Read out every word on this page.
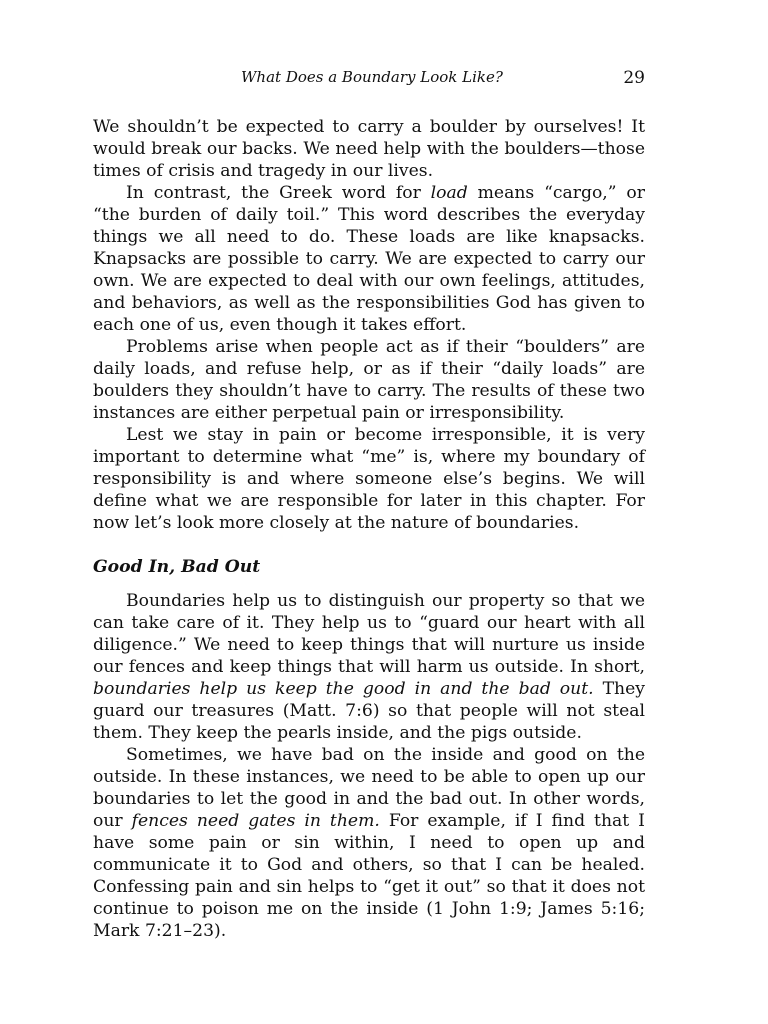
What Does a Boundary Look Like?	29

We shouldn’t be expected to carry a boulder by ourselves! It would break our backs. We need help with the boulders—those times of crisis and tragedy in our lives.

In contrast, the Greek word for load means “cargo,” or “the burden of daily toil.” This word describes the everyday things we all need to do. These loads are like knapsacks. Knapsacks are possible to carry. We are expected to carry our own. We are expected to deal with our own feelings, attitudes, and behaviors, as well as the responsibilities God has given to each one of us, even though it takes effort.

Problems arise when people act as if their “boulders” are daily loads, and refuse help, or as if their “daily loads” are boulders they shouldn’t have to carry. The results of these two instances are either perpetual pain or irresponsibility.

Lest we stay in pain or become irresponsible, it is very important to determine what “me” is, where my boundary of responsibility is and where someone else’s begins. We will define what we are responsible for later in this chapter. For now let’s look more closely at the nature of boundaries.

Good In, Bad Out

Boundaries help us to distinguish our property so that we can take care of it. They help us to “guard our heart with all diligence.” We need to keep things that will nurture us inside our fences and keep things that will harm us outside. In short, boundaries help us keep the good in and the bad out. They guard our treasures (Matt. 7:6) so that people will not steal them. They keep the pearls inside, and the pigs outside.

Sometimes, we have bad on the inside and good on the outside. In these instances, we need to be able to open up our boundaries to let the good in and the bad out. In other words, our fences need gates in them. For example, if I find that I have some pain or sin within, I need to open up and communicate it to God and others, so that I can be healed. Confessing pain and sin helps to “get it out” so that it does not continue to poison me on the inside (1 John 1:9; James 5:16; Mark 7:21–23).
